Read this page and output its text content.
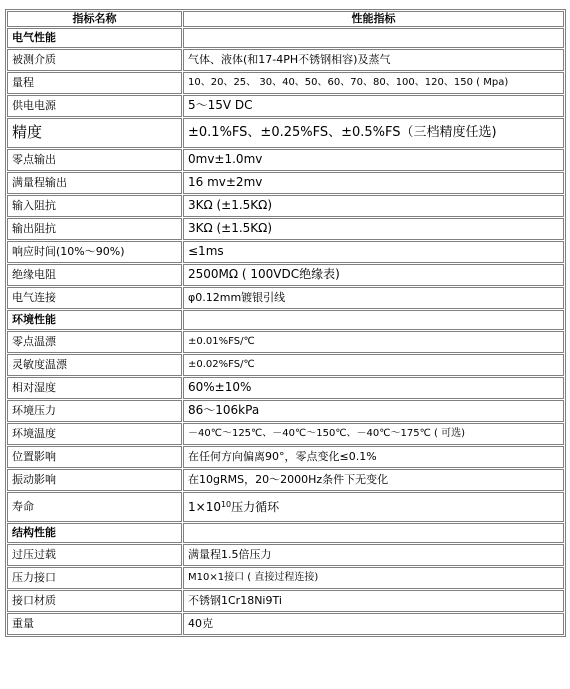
指标名称	性能指标
电气性能	
被测介质	气体、液体(和17-4PH不锈钢相容)及蒸气
量程	10、20、25、 30、40、50、60、70、80、100、120、150 ( Mpa)
供电电源	5～15V DC
精度	±0.1%FS、±0.25%FS、±0.5%FS（三档精度任选)
零点输出	0mv±1.0mv
满量程输出	16 mv±2mv
输入阻抗	3KΩ (±1.5KΩ)
输出阻抗	3KΩ (±1.5KΩ)
响应时间(10%～90%)	≤1ms
绝缘电阻	2500MΩ ( 100VDC绝缘表)
电气连接	φ0.12mm镀银引线
环境性能	
零点温漂	±0.01%FS/℃
灵敏度温漂	±0.02%FS/℃
相对湿度	60%±10%
环境压力	86～106kPa
环境温度	－40℃～125℃、－40℃～150℃、－40℃～175℃ ( 可选)
位置影响	在任何方向偏离90°，零点变化≤0.1%
振动影响	在10gRMS，20～2000Hz条件下无变化
寿命	$1\times 10^{10}$压力循环
结构性能	
过压过载	满量程1.5倍压力
压力接口	M10×1接口 ( 直接过程连接)
接口材质	不锈钢1Cr18Ni9Ti
重量	40克
